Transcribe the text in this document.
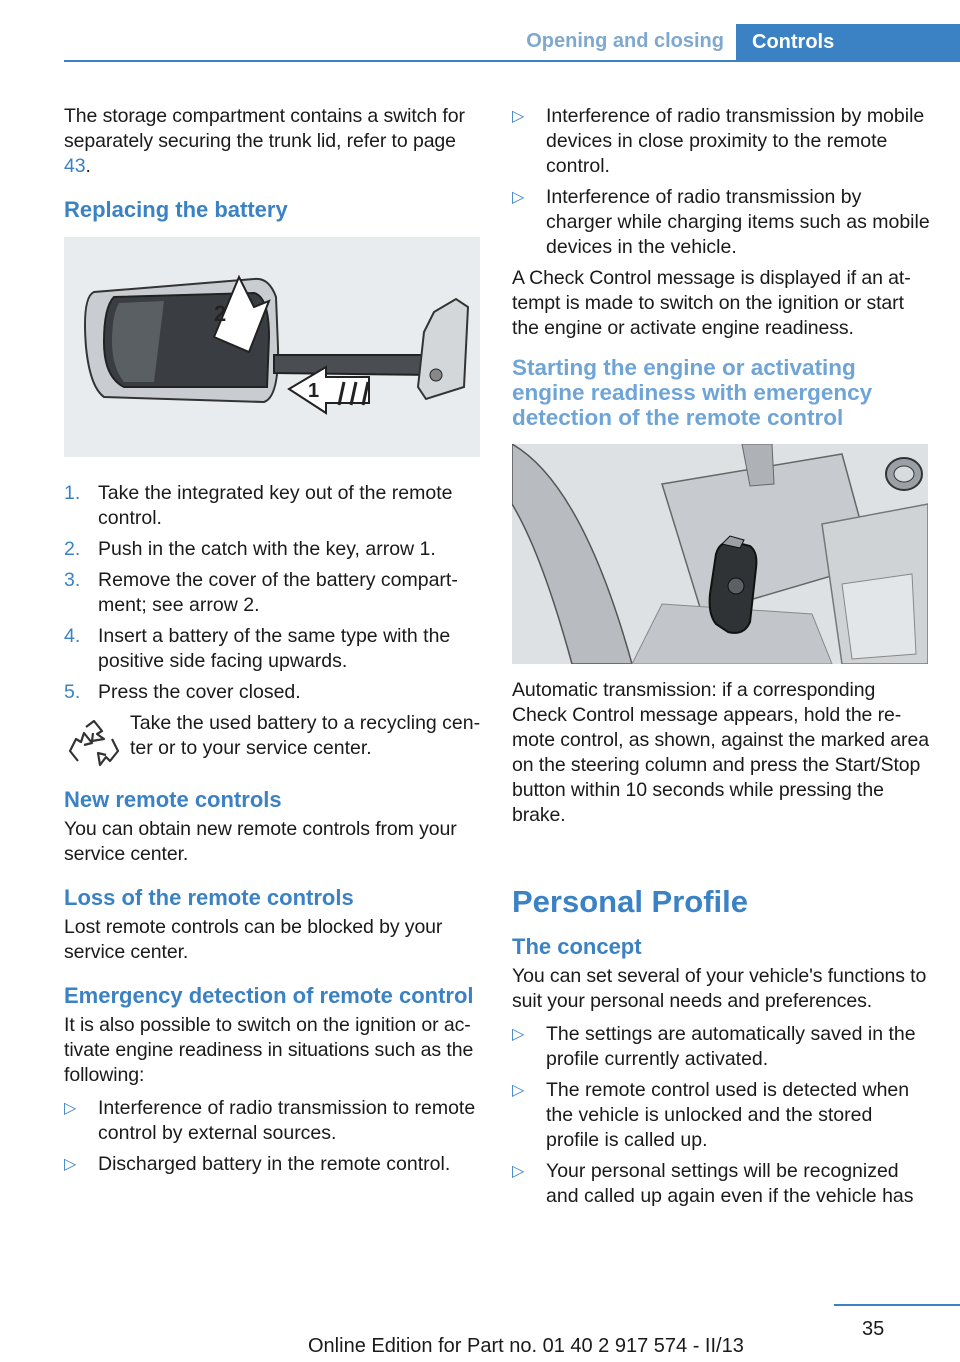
Opening and closing	Controls

The storage compartment contains a switch for separately securing the trunk lid, refer to page 43.

Replacing the battery
2
1
1. Take the integrated key out of the remote control.
2. Push in the catch with the key, arrow 1.
3. Remove the cover of the battery compart‐ ment; see arrow 2.
4. Insert a battery of the same type with the positive side facing upwards.
5. Press the cover closed.
Take the used battery to a recycling cen‐ ter or to your service center.
New remote controls

You can obtain new remote controls from your service center.

Loss of the remote controls

Lost remote controls can be blocked by your service center.

Emergency detection of remote control

It is also possible to switch on the ignition or ac‐ tivate engine readiness in situations such as the following:

▷ Interference of radio transmission to remote control by external sources.
▷ Discharged battery in the remote control.
▷ Interference of radio transmission by mobile devices in close proximity to the remote control.
▷ Interference of radio transmission by charger while charging items such as mobile devices in the vehicle.

A Check Control message is displayed if an at‐ tempt is made to switch on the ignition or start the engine or activate engine readiness.

Starting the engine or activating engine readiness with emergency detection of the remote control

Automatic transmission: if a corresponding Check Control message appears, hold the re‐ mote control, as shown, against the marked area on the steering column and press the Start/Stop button within 10 seconds while pressing the brake.

Personal Profile
The concept

You can set several of your vehicle's functions to suit your personal needs and preferences.

▷ The settings are automatically saved in the profile currently activated.
▷ The remote control used is detected when the vehicle is unlocked and the stored profile is called up.
▷ Your personal settings will be recognized and called up again even if the vehicle has
35
Online Edition for Part no. 01 40 2 917 574 - II/13
